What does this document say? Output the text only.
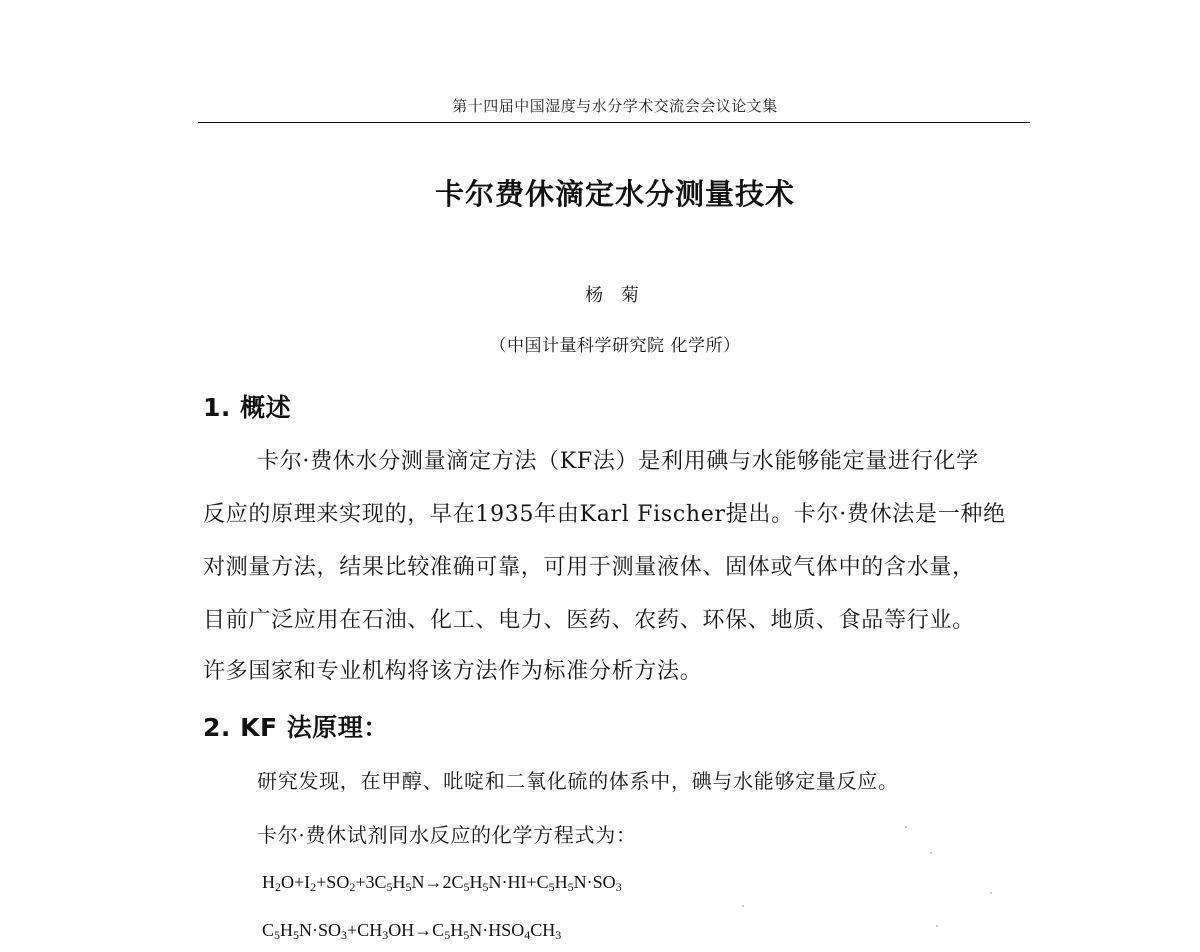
第十四届中国湿度与水分学术交流会会议论文集
卡尔费休滴定水分测量技术
杨 菊
（中国计量科学研究院 化学所）
1. 概述
卡尔·费休水分测量滴定方法（KF法）是利用碘与水能够能定量进行化学
反应的原理来实现的，早在1935年由Karl Fischer提出。卡尔·费休法是一种绝
对测量方法，结果比较准确可靠，可用于测量液体、固体或气体中的含水量，
目前广泛应用在石油、化工、电力、医药、农药、环保、地质、食品等行业。
许多国家和专业机构将该方法作为标准分析方法。
2. KF 法原理：
研究发现，在甲醇、吡啶和二氧化硫的体系中，碘与水能够定量反应。
卡尔·费休试剂同水反应的化学方程式为：
$H_2O+I_2+SO_2+3C_5H_5N\to 2C_5H_5N\cdot HI+C_5H_5N\cdot SO_3$
$C_5H_5N\cdot SO_3+CH_3OH\to C_5H_5N\cdot HSO_4CH_3$
